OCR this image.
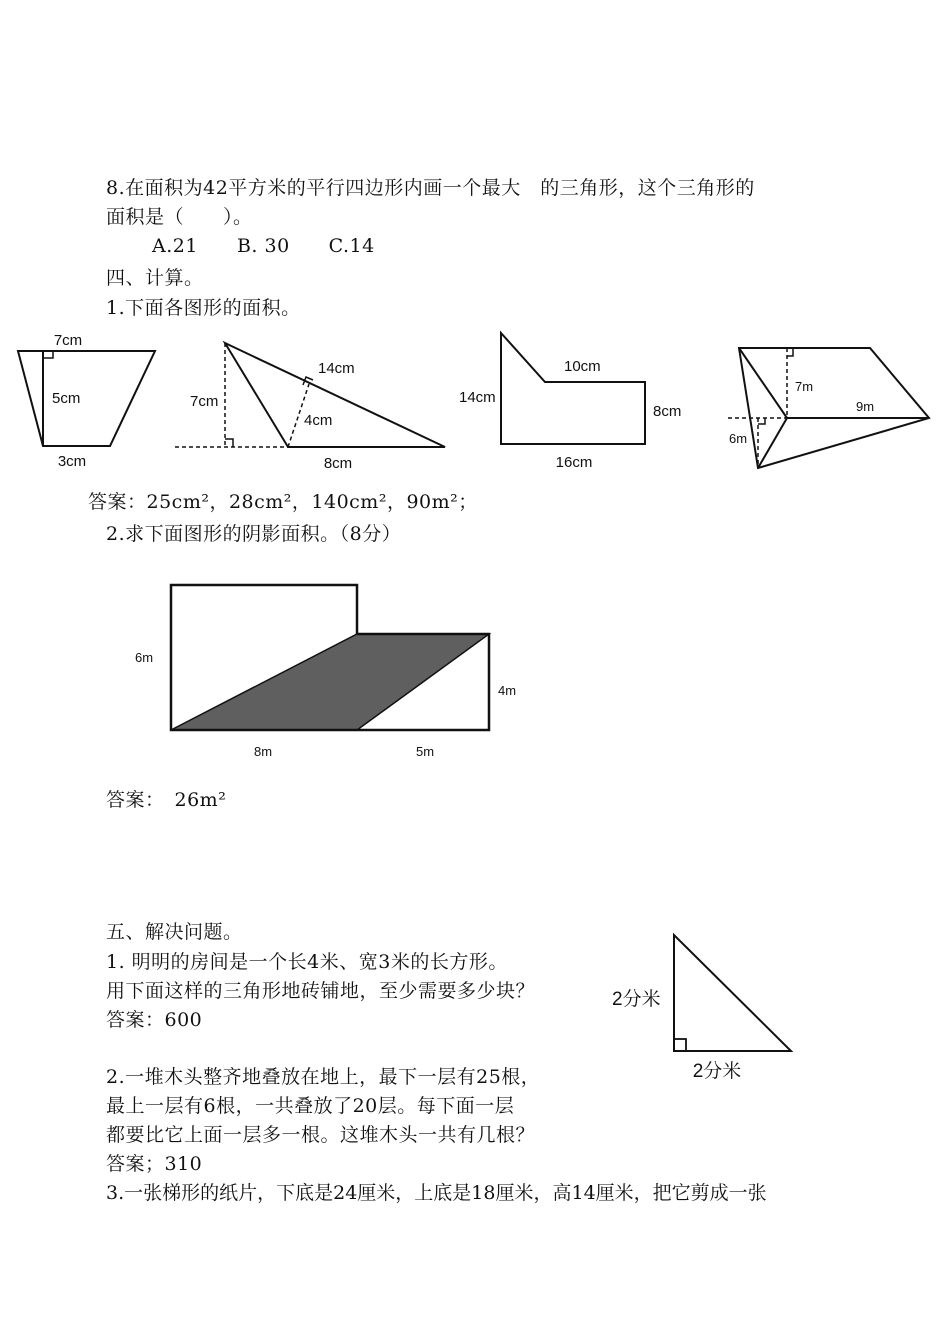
8.在面积为42平方米的平行四边形内画一个最大　的三角形，这个三角形的
面积是（　　）。
A.21　　B. 30　　C.14
四、计算。
1.下面各图形的面积。
7cm
5cm
3cm
7cm
14cm
4cm
8cm
14cm
10cm
8cm
16cm
7m
9m
6m
答案：25cm²，28cm²，140cm²，90m²；
2.求下面图形的阴影面积。（8分）
6m
4m
8m	5m
答案：　26m²
五、解决问题。
1. 明明的房间是一个长4米、宽3米的长方形。
用下面这样的三角形地砖铺地，至少需要多少块？
答案：600
2分米
2分米
2.一堆木头整齐地叠放在地上，最下一层有25根，
最上一层有6根，一共叠放了20层。每下面一层
都要比它上面一层多一根。这堆木头一共有几根？
答案；310
3.一张梯形的纸片，下底是24厘米，上底是18厘米，高14厘米，把它剪成一张
